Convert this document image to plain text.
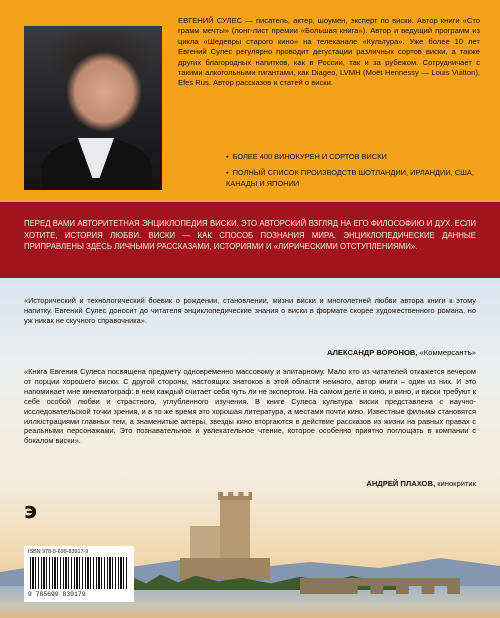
ЕВГЕНИЙ СУЛЕС — писатель, актер, шоумен, эксперт по виски. Автор книги «Сто грамм мечты» (лонг-лист премии «Большая книга»). Автор и ведущий программ из цикла «Шедевры старого кино» на телеканале «Культура». Уже более 10 лет Евгений Сулес регулярно проводит дегустации различных сортов виски, а также других благородных напитков, как в России, так и за рубежом. Сотрудничает с такими алкогольными гигантами, как Diageo, LVMH (Moët Hennessy — Louis Vuitton), Efes Rus. Автор рассказов и статей о виски.

• БОЛЕЕ 400 ВИНОКУРЕН И СОРТОВ ВИСКИ
• ПОЛНЫЙ СПИСОК ПРОИЗВОДСТВ ШОТЛАНДИИ, ИРЛАНДИИ, США, КАНАДЫ И ЯПОНИИ

ПЕРЕД ВАМИ АВТОРИТЕТНАЯ ЭНЦИКЛОПЕДИЯ ВИСКИ. ЭТО АВТОРСКИЙ ВЗГЛЯД НА ЕГО ФИЛОСОФИЮ И ДУХ. ЕСЛИ ХОТИТЕ, ИСТОРИЯ ЛЮБВИ. ВИСКИ — КАК СПОСОБ ПОЗНАНИЯ МИРА. ЭНЦИКЛОПЕДИЧЕСКИЕ ДАННЫЕ ПРИПРАВЛЕНЫ ЗДЕСЬ ЛИЧНЫМИ РАССКАЗАМИ, ИСТОРИЯМИ И «ЛИРИЧЕСКИМИ ОТСТУПЛЕНИЯМИ».

«Исторический и технологический боевик о рождении, становлении, жизни виски и многолетней любви автора книги к этому напитку. Евгений Сулес доносит до читателя энциклопедические знания о виски в формате скорее художественного романа, но уж никак не скучного справочника».

АЛЕКСАНДР ВОРОНОВ, «Коммерсантъ»

«Книга Евгения Сулеса посвящена предмету одновременно массовому и элитарному. Мало кто из читателей откажется вечером от порции хорошего виски. С другой стороны, настоящих знатоков в этой области немного, автор книги – один из них. И это напоминает мне кинематограф: в нем каждый считает себя чуть ли не экспертом. На самом деле и кино, и вино, и виски требуют к себе особой любви и страстного, углубленного изучения. В книге Сулеса культура виски представлена с научно-исследовательской точки зрения, и в то же время это хорошая литература, а местами почти кино. Известные фильмы становятся иллюстрациями главных тем, а знаменитые актеры, звезды кино вторгаются в действие рассказов из жизни на равных правах с реальными персонажами. Это познавательное и увлекательное чтение, которое особенно приятно поглощать в компании с бокалом виски».

АНДРЕЙ ПЛАХОВ, кинокритик

э
ISBN 978-5-699-83917-9
9 785699 839179
